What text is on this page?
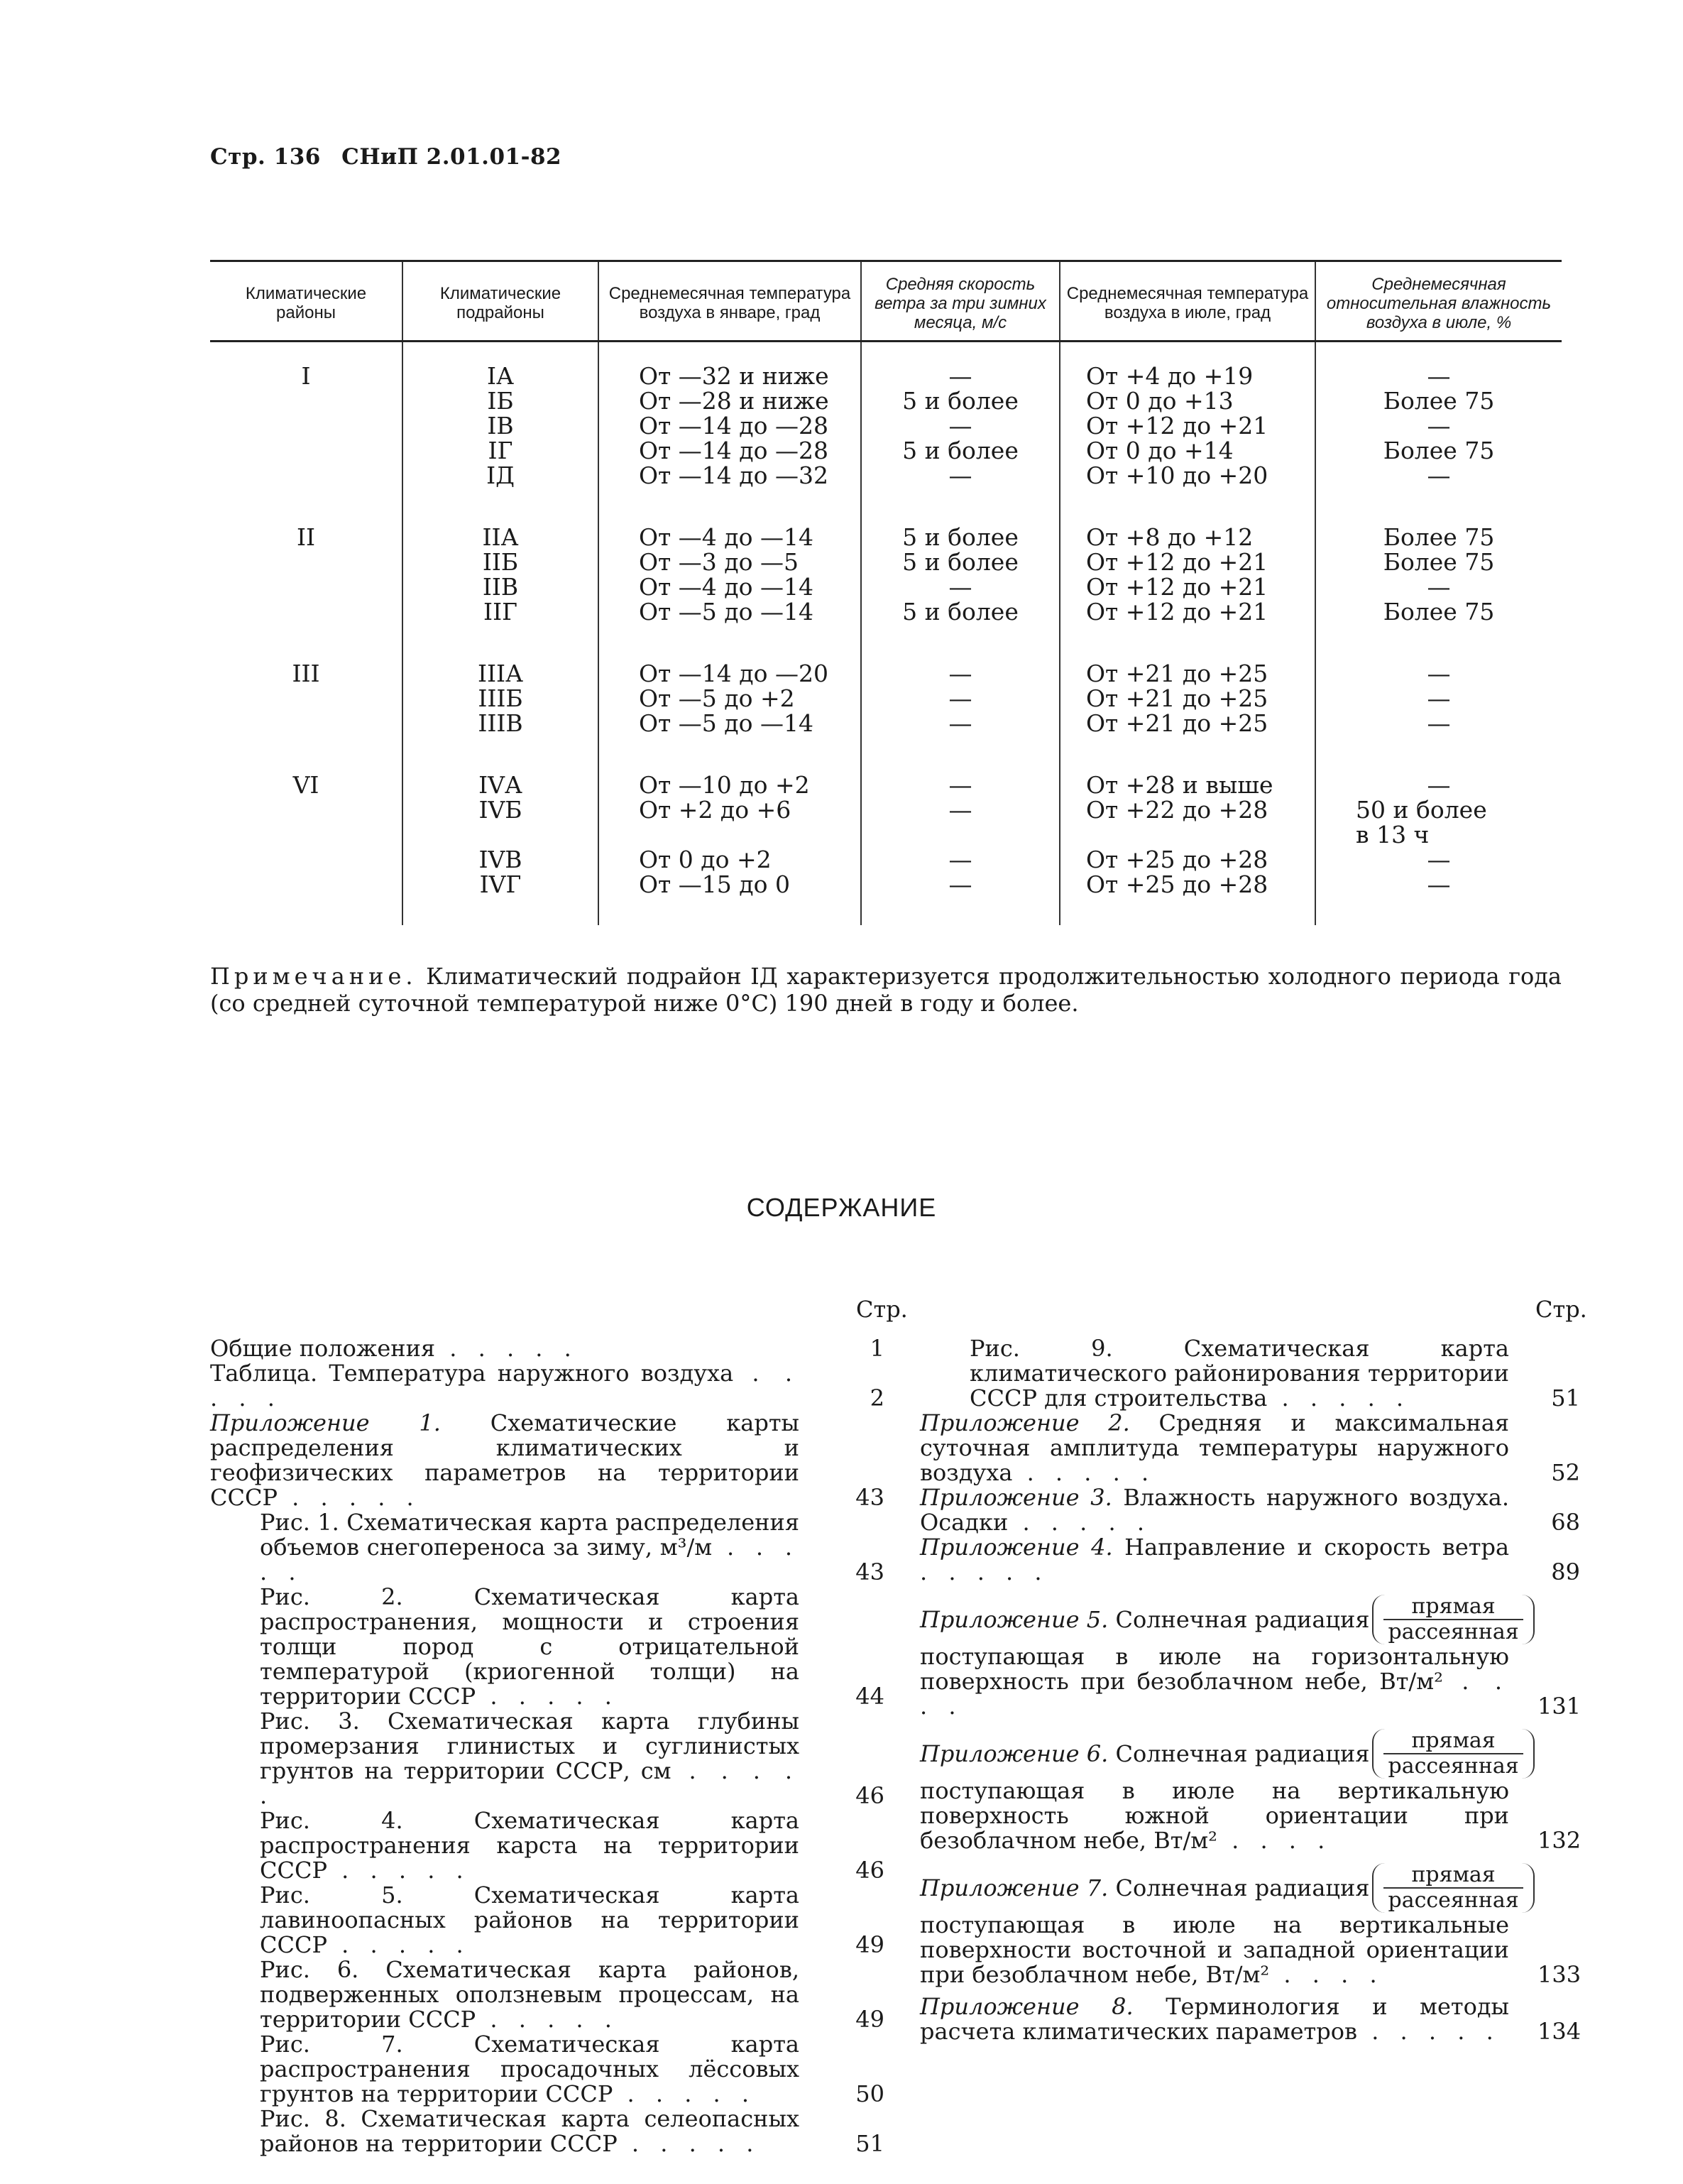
Стр. 136 СНиП 2.01.01-82
Климатические районы	Климатические подрайоны	Среднемесячная температура воздуха в январе, град	Средняя скорость ветра за три зимних месяца, м/с	Среднемесячная температура воздуха в июле, град	Среднемесячная относительная влажность воздуха в июле, %

I	IА	От —32 и ниже	—	От +4 до +19	—

	IБ	От —28 и ниже	5 и более	От 0 до +13	Более 75

	IВ	От —14 до —28	—	От +12 до +21	—

	IГ	От —14 до —28	5 и более	От 0 до +14	Более 75

	IД	От —14 до —32	—	От +10 до +20	—

II	IIА	От —4 до —14	5 и более	От +8 до +12	Более 75

	IIБ	От —3 до —5	5 и более	От +12 до +21	Более 75

	IIВ	От —4 до —14	—	От +12 до +21	—

	IIГ	От —5 до —14	5 и более	От +12 до +21	Более 75

III	IIIА	От —14 до —20	—	От +21 до +25	—

	IIIБ	От —5 до +2	—	От +21 до +25	—

	IIIВ	От —5 до —14	—	От +21 до +25	—

VI	IVА	От —10 до +2	—	От +28 и выше	—

	IVБ	От +2 до +6	—	От +22 до +28	50 и более
в 13 ч

	IVВ	От 0 до +2	—	От +25 до +28	—

	IVГ	От —15 до 0	—	От +25 до +28	—

Примечание. Климатический подрайон IД характеризуется продолжительностью холодного периода года (со средней суточной температурой ниже 0°С) 190 дней в году и более.
СОДЕРЖАНИЕ
Стр.	Стр.
Общие положения . . . . .	1
Таблица. Температура наружного воздуха . . . . .	2
Приложение 1. Схематические карты распределения климатических и геофизических параметров на территории СССР . . . . .	43
Рис. 1. Схематическая карта распределения объемов снегопереноса за зиму, м³/м . . . . .	43
Рис. 2. Схематическая карта распространения, мощности и строения толщи пород с отрицательной температурой (криогенной толщи) на территории СССР . . . . .	44
Рис. 3. Схематическая карта глубины промерзания глинистых и суглинистых грунтов на территории СССР, см . . . . .	46
Рис. 4. Схематическая карта распространения карста на территории СССР . . . . .	46
Рис. 5. Схематическая карта лавиноопасных районов на территории СССР . . . . .	49
Рис. 6. Схематическая карта районов, подверженных оползневым процессам, на территории СССР . . . . .	49
Рис. 7. Схематическая карта распространения просадочных лёссовых грунтов на территории СССР . . . . .	50
Рис. 8. Схематическая карта селеопасных районов на территории СССР . . . . .	51
Рис. 9. Схематическая карта климатического районирования территории СССР для строительства . . . . .	51
Приложение 2. Средняя и максимальная суточная амплитуда температуры наружного воздуха . . . . .	52
Приложение 3. Влажность наружного воздуха. Осадки . . . . .	68
Приложение 4. Направление и скорость ветра . . . . .	89
Приложение 5. Солнечная радиация $\frac{\text{прямая}}{\text{рассеянная}}$
поступающая в июле на горизонтальную поверхность при безоблачном небе, Вт/м² . . . .	131
Приложение 6. Солнечная радиация $\frac{\text{прямая}}{\text{рассеянная}}$
поступающая в июле на вертикальную поверхность южной ориентации при безоблачном небе, Вт/м² . . . .	132
Приложение 7. Солнечная радиация $\frac{\text{прямая}}{\text{рассеянная}}$
поступающая в июле на вертикальные поверхности восточной и западной ориентации при безоблачном небе, Вт/м² . . . .	133
Приложение 8. Терминология и методы расчета климатических параметров . . . . .	134
